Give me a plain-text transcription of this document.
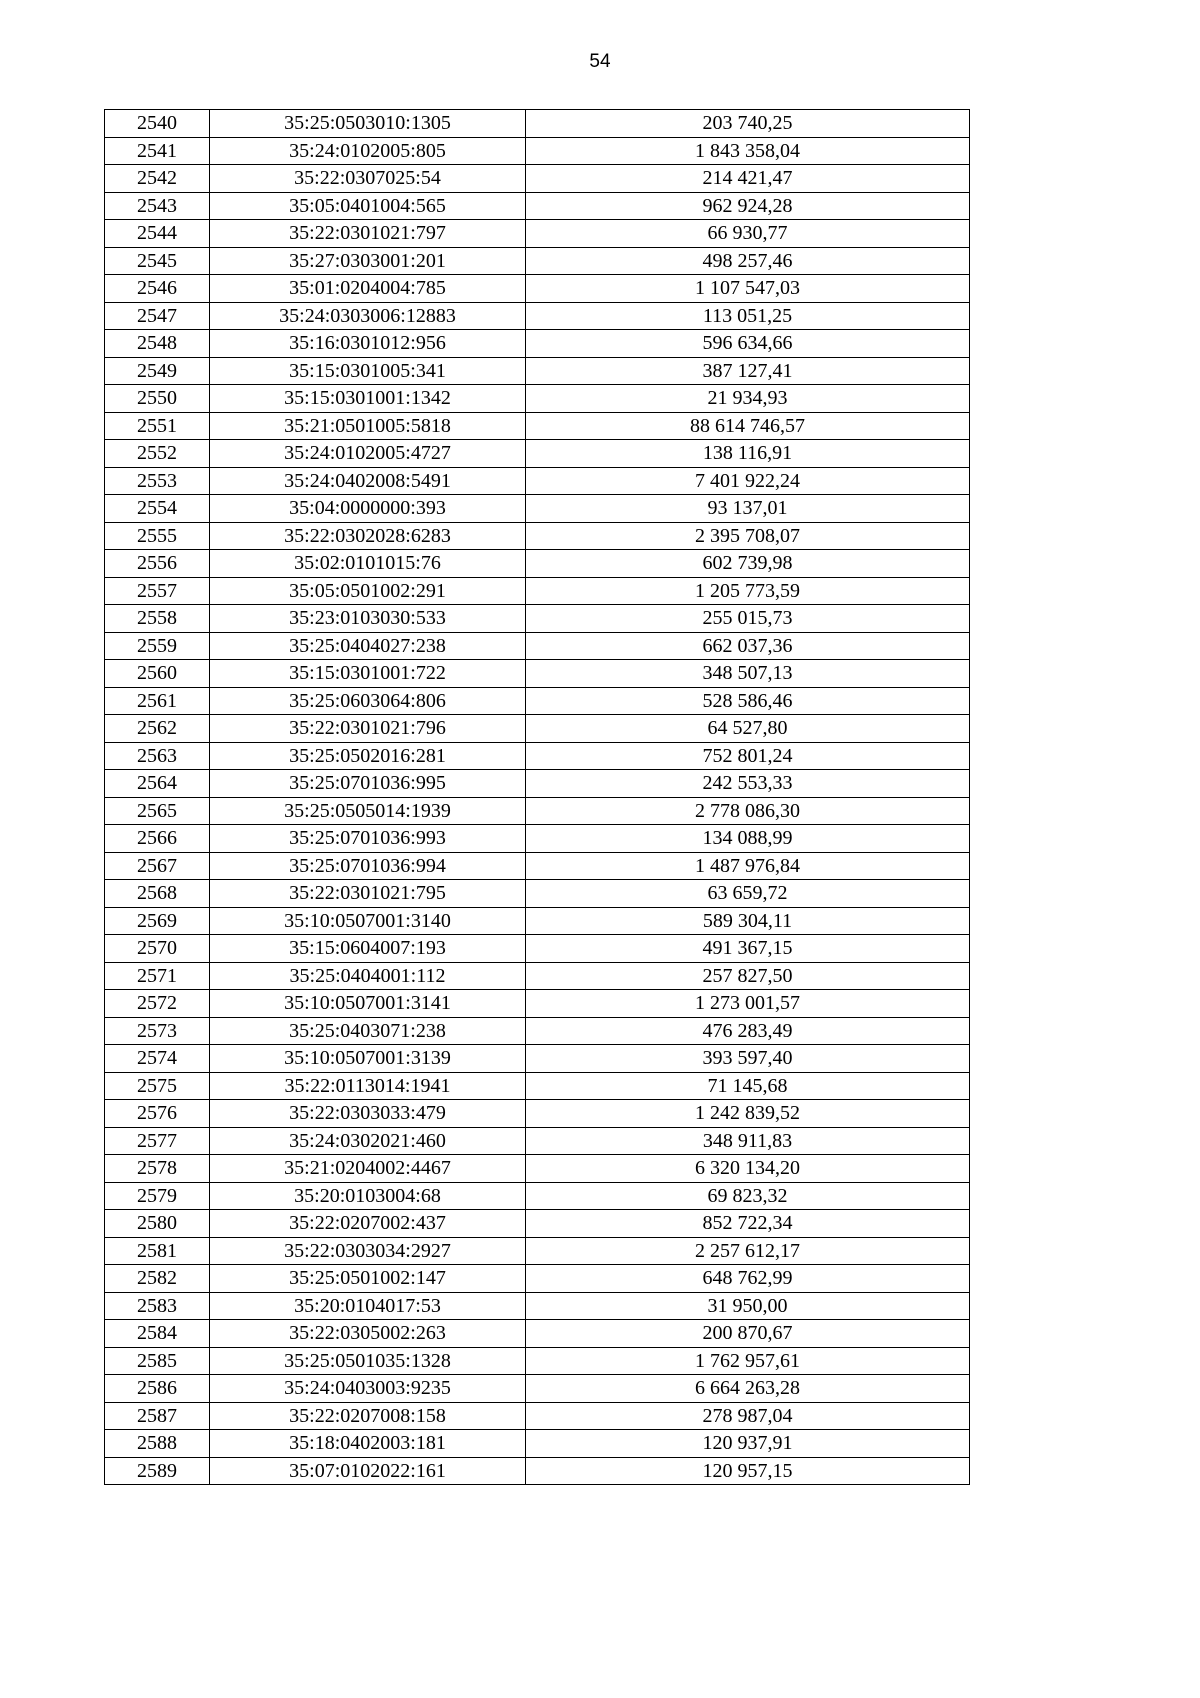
54
2540	35:25:0503010:1305	203 740,25
2541	35:24:0102005:805	1 843 358,04
2542	35:22:0307025:54	214 421,47
2543	35:05:0401004:565	962 924,28
2544	35:22:0301021:797	66 930,77
2545	35:27:0303001:201	498 257,46
2546	35:01:0204004:785	1 107 547,03
2547	35:24:0303006:12883	113 051,25
2548	35:16:0301012:956	596 634,66
2549	35:15:0301005:341	387 127,41
2550	35:15:0301001:1342	21 934,93
2551	35:21:0501005:5818	88 614 746,57
2552	35:24:0102005:4727	138 116,91
2553	35:24:0402008:5491	7 401 922,24
2554	35:04:0000000:393	93 137,01
2555	35:22:0302028:6283	2 395 708,07
2556	35:02:0101015:76	602 739,98
2557	35:05:0501002:291	1 205 773,59
2558	35:23:0103030:533	255 015,73
2559	35:25:0404027:238	662 037,36
2560	35:15:0301001:722	348 507,13
2561	35:25:0603064:806	528 586,46
2562	35:22:0301021:796	64 527,80
2563	35:25:0502016:281	752 801,24
2564	35:25:0701036:995	242 553,33
2565	35:25:0505014:1939	2 778 086,30
2566	35:25:0701036:993	134 088,99
2567	35:25:0701036:994	1 487 976,84
2568	35:22:0301021:795	63 659,72
2569	35:10:0507001:3140	589 304,11
2570	35:15:0604007:193	491 367,15
2571	35:25:0404001:112	257 827,50
2572	35:10:0507001:3141	1 273 001,57
2573	35:25:0403071:238	476 283,49
2574	35:10:0507001:3139	393 597,40
2575	35:22:0113014:1941	71 145,68
2576	35:22:0303033:479	1 242 839,52
2577	35:24:0302021:460	348 911,83
2578	35:21:0204002:4467	6 320 134,20
2579	35:20:0103004:68	69 823,32
2580	35:22:0207002:437	852 722,34
2581	35:22:0303034:2927	2 257 612,17
2582	35:25:0501002:147	648 762,99
2583	35:20:0104017:53	31 950,00
2584	35:22:0305002:263	200 870,67
2585	35:25:0501035:1328	1 762 957,61
2586	35:24:0403003:9235	6 664 263,28
2587	35:22:0207008:158	278 987,04
2588	35:18:0402003:181	120 937,91
2589	35:07:0102022:161	120 957,15
